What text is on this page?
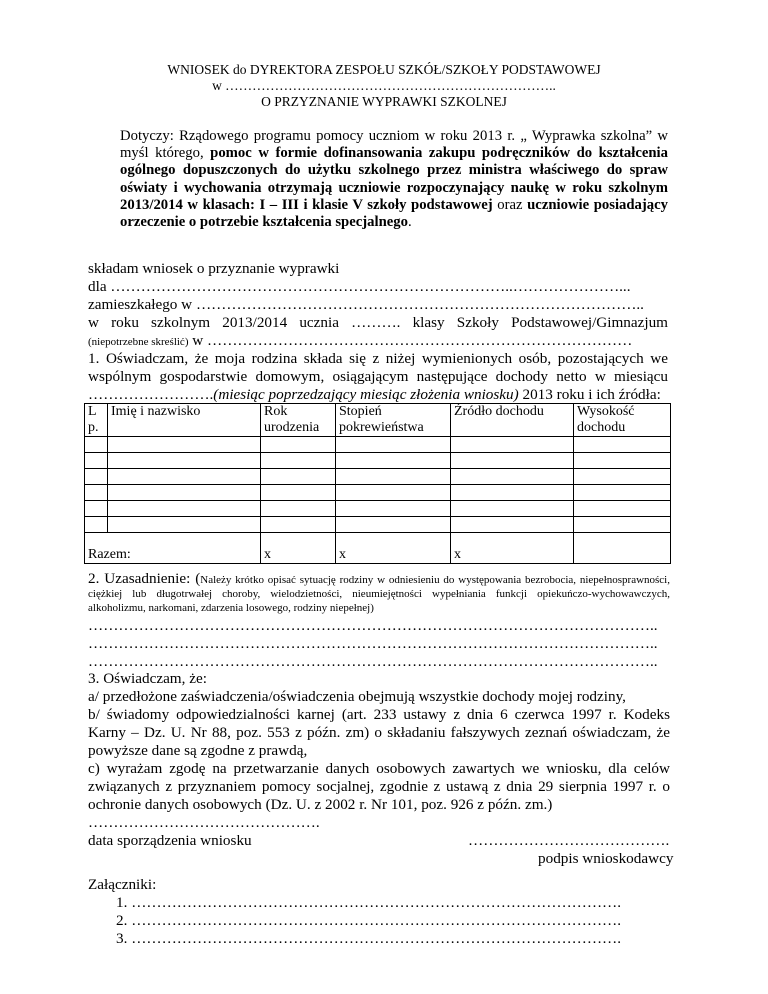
WNIOSEK do DYREKTORA ZESPOŁU SZKÓŁ/SZKOŁY PODSTAWOWEJ
w ………………………………………………………………..
O PRZYZNANIE WYPRAWKI SZKOLNEJ
Dotyczy: Rządowego programu pomocy uczniom w roku 2013 r. „ Wyprawka szkolna” w myśl którego, pomoc w formie dofinansowania zakupu podręczników do kształcenia ogólnego dopuszczonych do użytku szkolnego przez ministra właściwego do spraw oświaty i wychowania otrzymają uczniowie rozpoczynający naukę w roku szkolnym 2013/2014 w klasach: I – III i klasie V szkoły podstawowej oraz uczniowie posiadający orzeczenie o potrzebie kształcenia specjalnego.
składam wniosek o przyznanie wyprawki
dla ……………………………………………………………………..…………………...
zamieszkałego w ……………………………………………………………………………..
w roku szkolnym 2013/2014 ucznia ………. klasy Szkoły Podstawowej/Gimnazjum
(niepotrzebne skreślić) w …………………………………………………………………………
1. Oświadczam, że moja rodzina składa się z niżej wymienionych osób, pozostających we
wspólnym gospodarstwie domowym, osiągającym następujące dochody netto w miesiącu
…………………….(miesiąc poprzedzający miesiąc złożenia wniosku) 2013 roku i ich źródła:
L p.	Imię i nazwisko	Rok urodzenia	Stopień pokrewieństwa	Źródło dochodu	Wysokość dochodu

Razem:		x	x	x	
2. Uzasadnienie: (Należy krótko opisać sytuację rodziny w odniesieniu do występowania bezrobocia, niepełnosprawności, ciężkiej lub długotrwałej choroby, wielodzietności, nieumiejętności wypełniania funkcji opiekuńczo-wychowawczych, alkoholizmu, narkomani, zdarzenia losowego, rodziny niepełnej)
…………………………………………………………………………………………………..
…………………………………………………………………………………………………..
…………………………………………………………………………………………………..
3. Oświadczam, że:
a/ przedłożone zaświadczenia/oświadczenia obejmują wszystkie dochody mojej rodziny,
b/ świadomy odpowiedzialności karnej (art. 233 ustawy z dnia 6 czerwca 1997 r. Kodeks Karny – Dz. U. Nr 88, poz. 553 z późn. zm) o składaniu fałszywych zeznań oświadczam, że powyższe dane są zgodne z prawdą,
c) wyrażam zgodę na przetwarzanie danych osobowych zawartych we wniosku, dla celów związanych z przyznaniem pomocy socjalnej, zgodnie z ustawą z dnia 29 sierpnia 1997 r. o ochronie danych osobowych (Dz. U. z 2002 r. Nr 101, poz. 926 z późn. zm.)
……………………………………….
data sporządzenia wniosku	………………………………….
podpis wnioskodawcy
Załączniki:
1. …………………………………………………………………………………….
2. …………………………………………………………………………………….
3. …………………………………………………………………………………….
